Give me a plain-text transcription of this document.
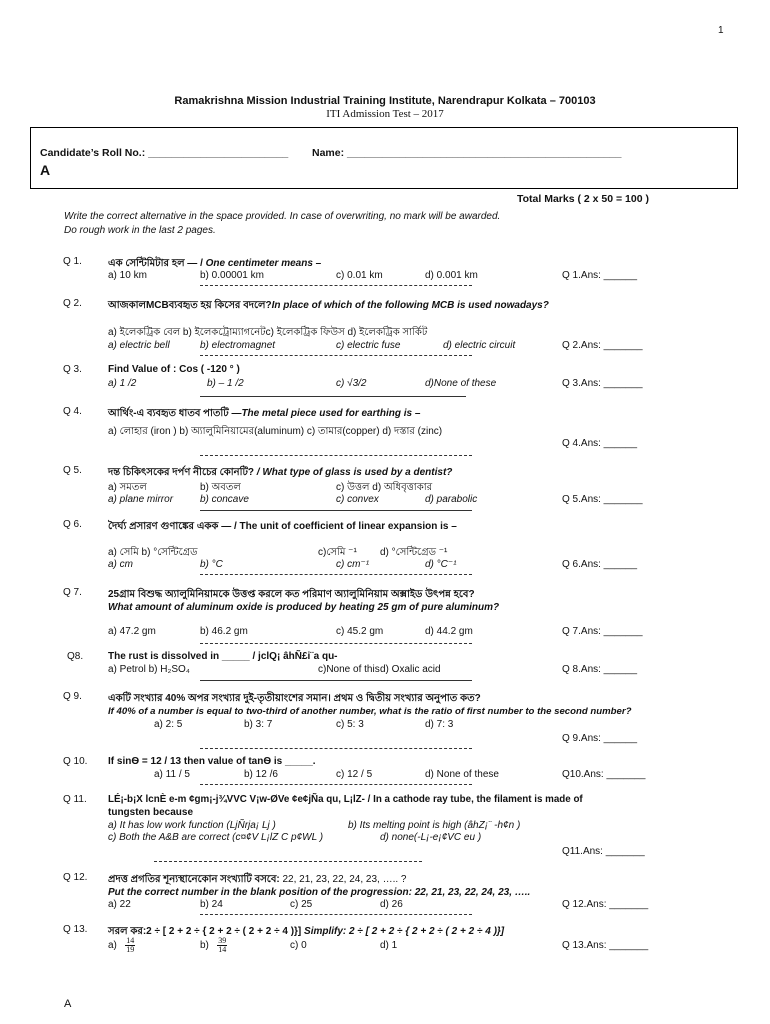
1
Ramakrishna Mission Industrial Training Institute, Narendrapur Kolkata – 700103
ITI Admission Test – 2017
Candidate’s Roll No.: ________________________ Name: _______________________________________________
A
Total Marks ( 2 x 50 = 100 )
Write the correct alternative in the space provided. In case of overwriting, no mark will be awarded.
Do rough work in the last 2 pages.
Q 1.	এক সেন্টিমিটার হল — / One centimeter means –
a) 10 km	b) 0.00001 km	c) 0.01 km	d) 0.001 km	Q 1.Ans: ______
Q 2.	আজকালMCBব্যবহৃত হয় কিসের বদলে?In place of which of the following MCB is used nowadays?
a) ইলেকট্রিক বেল b) ইলেকট্রোম্যাগনেটc) ইলেকট্রিক ফিউস d) ইলেকট্রিক সার্কিট
a) electric bell	b) electromagnet	c) electric fuse	d) electric circuit	Q 2.Ans: _______
Q 3.	Find Value of : Cos ( -120 ° )
a) 1 /2	b) – 1 /2	c) √3/2	d)None of these	Q 3.Ans: _______
Q 4.	আর্থিং-এ ব্যবহৃত ধাতব পাতটি —The metal piece used for earthing is –
a) লোহার (iron ) b) অ্যালুমিনিয়ামের(aluminum) c) তামার(copper) d) দস্তার (zinc)
Q 4.Ans: ______
Q 5.	দন্ত চিকিৎসকের দর্পণ নীচের কোনটি? / What type of glass is used by a dentist?
a) সমতল	b) অবতল	c) উত্তল d) অধিবৃত্তাকার
a) plane mirror	b) concave	c) convex	d) parabolic	Q 5.Ans: _______
Q 6.	দৈর্ঘ্য প্রসারণ গুণাঙ্কের একক — / The unit of coefficient of linear expansion is –
a) সেমি b) °সেন্টিগ্রেড	c)সেমি ⁻¹ d) °সেন্টিগ্রেড ⁻¹
a) cm	b) °C	c) cm⁻¹	d) °C⁻¹	Q 6.Ans: ______
Q 7.	25গ্রাম বিশুদ্ধ অ্যালুমিনিয়ামকে উত্তপ্ত করলে কত পরিমাণ অ্যালুমিনিয়াম অক্সাইড উৎপন্ন হবে?
What amount of aluminum oxide is produced by heating 25 gm of pure aluminum?
a) 47.2 gm	b) 46.2 gm	c) 45.2 gm	d) 44.2 gm	Q 7.Ans: _______
Q8. The rust is dissolved in _____ / jclQ¡ âhÑ£i¨a qu-
a) Petrol b) H₂SO₄	c)None of this d) Oxalic acid	Q 8.Ans: ______
Q 9.	একটি সংখ্যার 40% অপর সংখ্যার দুই-তৃতীয়াংশের সমান। প্রথম ও দ্বিতীয় সংখ্যার অনুপাত কত?
If 40% of a number is equal to two-third of another number, what is the ratio of first number to the second number?
a) 2: 5	b) 3: 7	c) 5: 3	d) 7: 3
Q 9.Ans: ______
Q 10. If sinѲ = 12 / 13 then value of tanѲ is _____.
a) 11 / 5	b) 12 /6	c) 12 / 5	d) None of these	Q10.Ans: _______
Q 11. LÉ¡-b¡X lcnÈ e-m ¢gm¡-j¾VVC V¡w-ØVe ¢e¢jÑa qu, L¡lZ- / In a cathode ray tube, the filament is made of
tungsten because
a) It has low work function (LjÑrja¡ Lj )	b) Its melting point is high (âhZ¡¨ -h¢n )
c) Both the A&B are correct (c¤¢V L¡lZ C p¢WL )	d) none(-L¡-e¡¢VC eu )
Q11.Ans: _______
Q 12. প্রদত্ত প্রগতির শূন্যস্থানেকোন সংখ্যাটি বসবে: 22, 21, 23, 22, 24, 23, ….. ?
Put the correct number in the blank position of the progression: 22, 21, 23, 22, 24, 23, …..
a) 22	b) 24	c) 25	d) 26	Q 12.Ans: _______
Q 13. সরল কর:2 ÷ [ 2 + 2 ÷ { 2 + 2 ÷ ( 2 + 2 ÷ 4 )}] Simplify: 2 ÷ [ 2 + 2 ÷ { 2 + 2 ÷ ( 2 + 2 ÷ 4 )}]
$a) \frac{14}{19}$	$b) \frac{39}{14}$	c) 0	d) 1	Q 13.Ans: _______
A
